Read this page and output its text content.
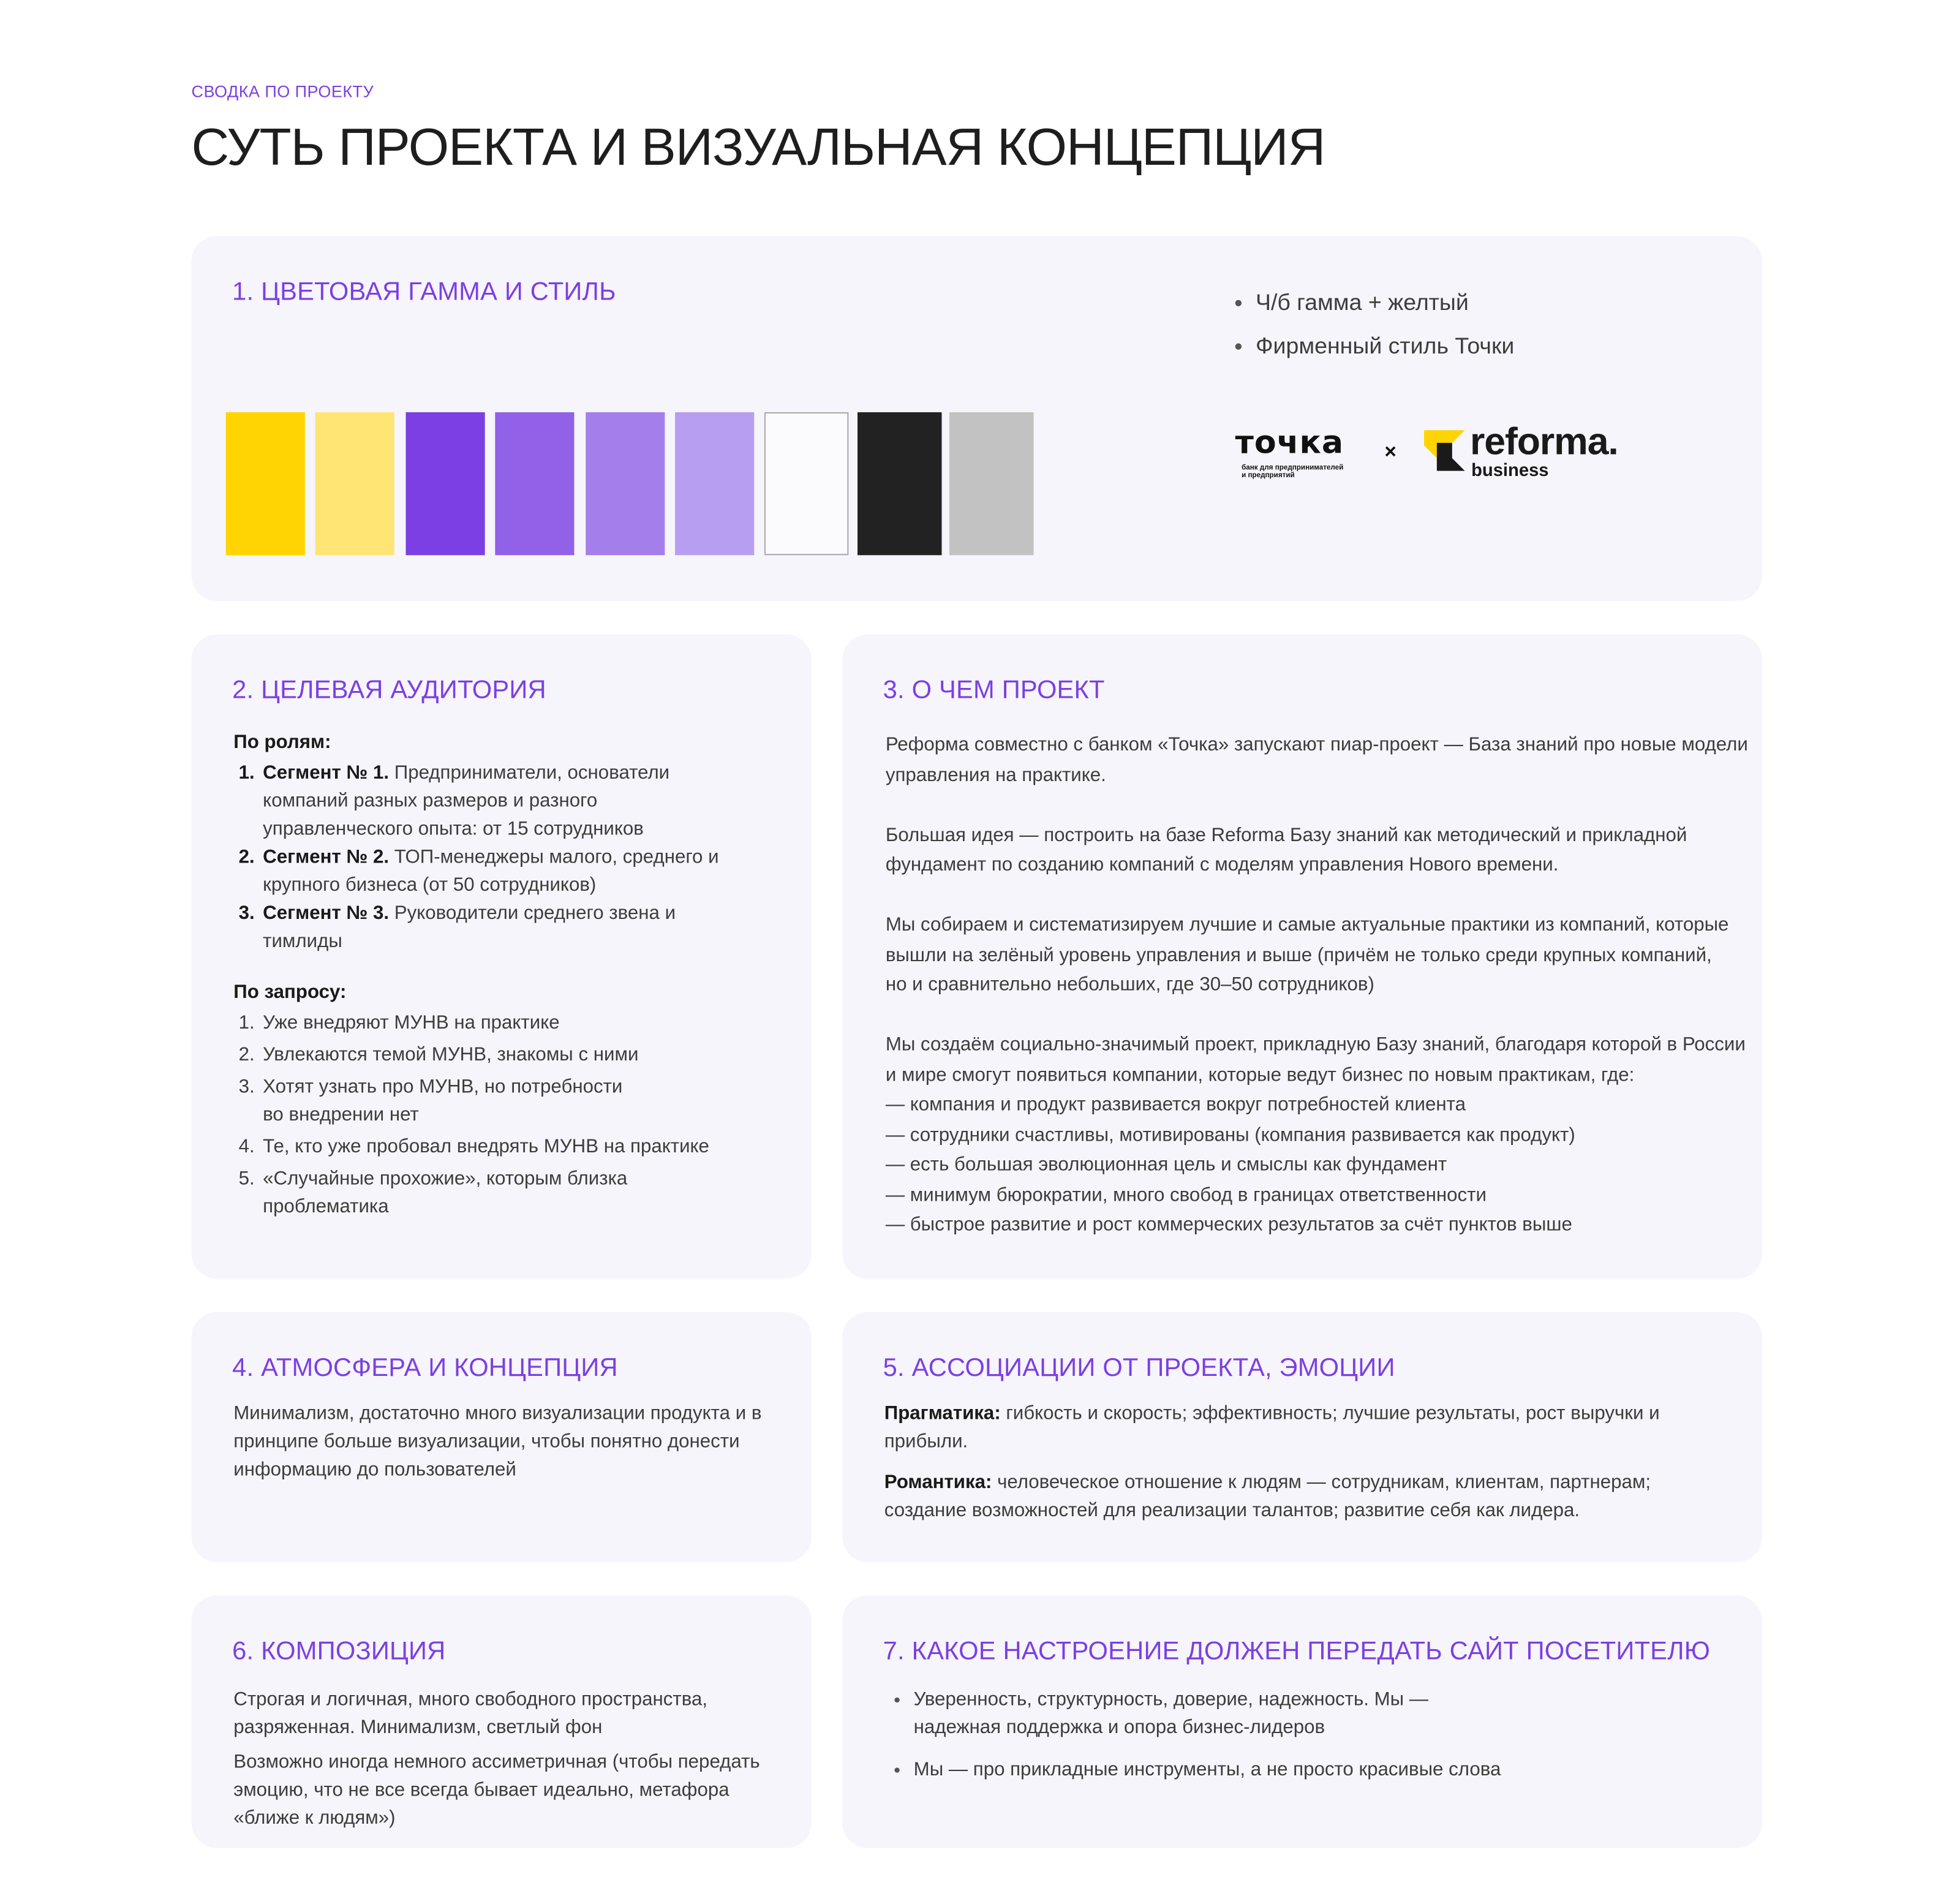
СВОДКА ПО ПРОЕКТУ
СУТЬ ПРОЕКТА И ВИЗУАЛЬНАЯ КОНЦЕПЦИЯ
1. ЦВЕТОВАЯ ГАММА И СТИЛЬ	Ч/б гамма + желтый
Фирменный стиль Точки
точка
банк для предпринимателей
и предприятий
×	reforma.
business
2. ЦЕЛЕВАЯ АУДИТОРИЯ
По ролям:
1. Сегмент № 1. Предприниматели, основатели компаний разных размеров и разного управленческого опыта: от 15 сотрудников
2. Сегмент № 2. ТОП-менеджеры малого, среднего и крупного бизнеса (от 50 сотрудников)
3. Сегмент № 3. Руководители среднего звена и тимлиды
По запросу:
1. Уже внедряют МУНВ на практике
2. Увлекаются темой МУНВ, знакомы с ними
3. Хотят узнать про МУНВ, но потребности во внедрении нет
4. Те, кто уже пробовал внедрять МУНВ на практике
5. «Случайные прохожие», которым близка проблематика
3. О ЧЕМ ПРОЕКТ

Реформа совместно с банком «Точка» запускают пиар-проект — База знаний про новые модели
управления на практике.

Большая идея — построить на базе Reforma Базу знаний как методический и прикладной
фундамент по созданию компаний с моделям управления Нового времени.

Мы собираем и систематизируем лучшие и самые актуальные практики из компаний, которые
вышли на зелёный уровень управления и выше (причём не только среди крупных компаний,
но и сравнительно небольших, где 30–50 сотрудников)

Мы создаём социально-значимый проект, прикладную Базу знаний, благодаря которой в России
и мире смогут появиться компании, которые ведут бизнес по новым практикам, где:
— компания и продукт развивается вокруг потребностей клиента
— сотрудники счастливы, мотивированы (компания развивается как продукт)
— есть большая эволюционная цель и смыслы как фундамент
— минимум бюрократии, много свобод в границах ответственности
— быстрое развитие и рост коммерческих результатов за счёт пунктов выше

4. АТМОСФЕРА И КОНЦЕПЦИЯ
Минимализм, достаточно много визуализации продукта и в принципе больше визуализации, чтобы понятно донести информацию до пользователей
5. АССОЦИАЦИИ ОТ ПРОЕКТА, ЭМОЦИИ
Прагматика: гибкость и скорость; эффективность; лучшие результаты, рост выручки и прибыли.
Романтика: человеческое отношение к людям — сотрудникам, клиентам, партнерам; создание возможностей для реализации талантов; развитие себя как лидера.
6. КОМПОЗИЦИЯ
Строгая и логичная, много свободного пространства, разряженная. Минимализм, светлый фон
Возможно иногда немного ассиметричная (чтобы передать эмоцию, что не все всегда бывает идеально, метафора «ближе к людям»)
7. КАКОЕ НАСТРОЕНИЕ ДОЛЖЕН ПЕРЕДАТЬ САЙТ ПОСЕТИТЕЛЮ
Уверенность, структурность, доверие, надежность. Мы —
надежная поддержка и опора бизнес-лидеров
Мы — про прикладные инструменты, а не просто красивые слова
